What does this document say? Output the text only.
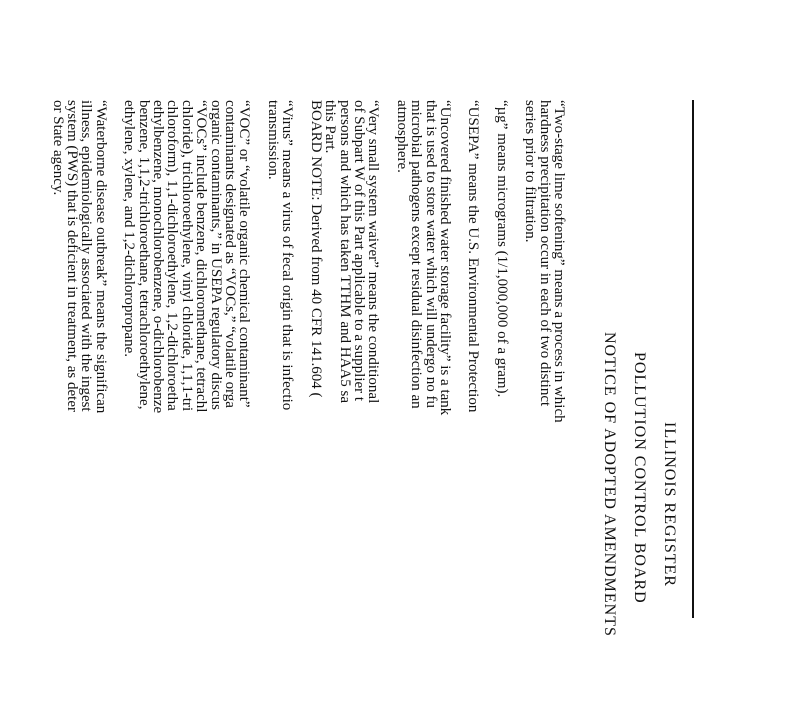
ILLINOIS REGISTER
POLLUTION CONTROL BOARD
NOTICE OF ADOPTED AMENDMENTS

“Two-stage lime softening” means a process in which
hardness precipitation occur in each of two distinct
series prior to filtration.

“µg” means micrograms (1/1,000,000 of a gram).

“USEPA” means the U.S. Environmental Protection

“Uncovered finished water storage facility” is a tank
that is used to store water which will undergo no fu
microbial pathogens except residual disinfection an
atmosphere.

“Very small system waiver” means the conditional
of Subpart W of this Part applicable to a supplier t
persons and which has taken TTHM and HAA5 sa
this Part.

BOARD NOTE: Derived from 40 CFR 141.604 (

“Virus” means a virus of fecal origin that is infectio
transmission.

“VOC” or “volatile organic chemical contaminant”
contaminants designated as “VOCs,” “volatile orga
organic contaminants,” in USEPA regulatory discus
“VOCs” include benzene, dichloromethane, tetrachl
chloride), trichloroethylene, vinyl chloride, 1,1,1-tri
chloroform), 1,1-dichloroethylene, 1,2-dichloroetha
ethylbenzene, monochlorobenzene, o-dichlorobenze
benzene, 1,1,2-trichloroethane, tetrachloroethylene,
ethylene, xylene, and 1,2-dichloropropane.

“Waterborne disease outbreak” means the significan
illness, epidemiologically associated with the ingest
system (PWS) that is deficient in treatment, as deter
or State agency.
